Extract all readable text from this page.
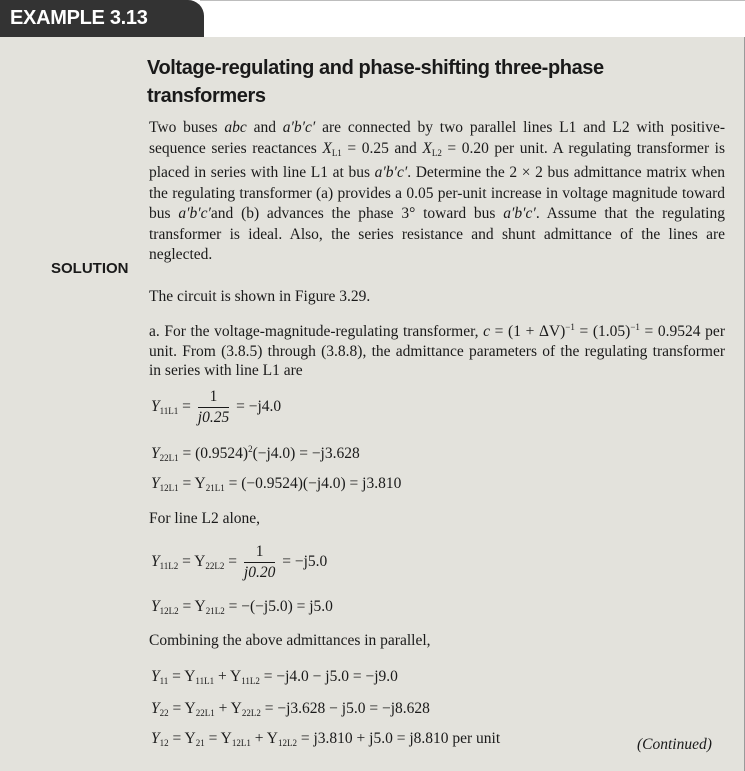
EXAMPLE 3.13
Voltage-regulating and phase-shifting three-phase transformers
Two buses abc and a′b′c′ are connected by two parallel lines L1 and L2 with positive-sequence series reactances $X_{L1} = 0.25$ and $X_{L2} = 0.20$ per unit. A regulating transformer is placed in series with line L1 at bus a′b′c′. Determine the 2 × 2 bus admittance matrix when the regulating transformer (a) provides a 0.05 per-unit increase in voltage magnitude toward bus a′b′c′and (b) advances the phase 3° toward bus a′b′c′. Assume that the regulating transformer is ideal. Also, the series resistance and shunt admittance of the lines are neglected.
SOLUTION
The circuit is shown in Figure 3.29.
a. For the voltage-magnitude-regulating transformer, $c = (1 + \Delta V)^{-1} = (1.05)^{-1} = 0.9524$ per unit. From (3.8.5) through (3.8.8), the admittance parameters of the regulating transformer in series with line L1 are
$Y_{11L1} = \frac{1}{j0.25} = -j4.0$
$Y_{22L1} = (0.9524)^2(-j4.0) = -j3.628$
$Y_{12L1} = Y_{21L1} = (-0.9524)(-j4.0) = j3.810$
For line L2 alone,
$Y_{11L2} = Y_{22L2} = \frac{1}{j0.20} = -j5.0$
$Y_{12L2} = Y_{21L2} = -(-j5.0) = j5.0$
Combining the above admittances in parallel,
$Y_{11} = Y_{11L1} + Y_{11L2} = -j4.0 - j5.0 = -j9.0$
$Y_{22} = Y_{22L1} + Y_{22L2} = -j3.628 - j5.0 = -j8.628$
$Y_{12} = Y_{21} = Y_{12L1} + Y_{12L2} = j3.810 + j5.0 = j8.810$ per unit	(Continued)
